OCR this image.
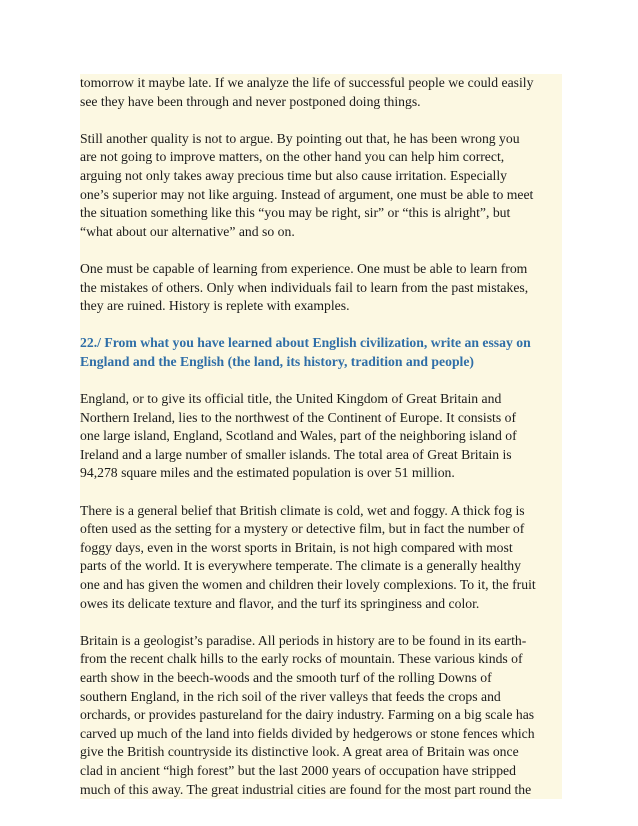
tomorrow it maybe late. If we analyze the life of successful people we could easily
see they have been through and never postponed doing things.

Still another quality is not to argue. By pointing out that, he has been wrong you
are not going to improve matters, on the other hand you can help him correct,
arguing not only takes away precious time but also cause irritation. Especially
one’s superior may not like arguing. Instead of argument, one must be able to meet
the situation something like this “you may be right, sir” or “this is alright”, but
“what about our alternative” and so on.

One must be capable of learning from experience. One must be able to learn from
the mistakes of others. Only when individuals fail to learn from the past mistakes,
they are ruined. History is replete with examples.

22./ From what you have learned about English civilization, write an essay on
England and the English (the land, its history, tradition and people)

England, or to give its official title, the United Kingdom of Great Britain and
Northern Ireland, lies to the northwest of the Continent of Europe. It consists of
one large island, England, Scotland and Wales, part of the neighboring island of
Ireland and a large number of smaller islands. The total area of Great Britain is
94,278 square miles and the estimated population is over 51 million.

There is a general belief that British climate is cold, wet and foggy. A thick fog is
often used as the setting for a mystery or detective film, but in fact the number of
foggy days, even in the worst sports in Britain, is not high compared with most
parts of the world. It is everywhere temperate. The climate is a generally healthy
one and has given the women and children their lovely complexions. To it, the fruit
owes its delicate texture and flavor, and the turf its springiness and color.

Britain is a geologist’s paradise. All periods in history are to be found in its earth-
from the recent chalk hills to the early rocks of mountain. These various kinds of
earth show in the beech-woods and the smooth turf of the rolling Downs of
southern England, in the rich soil of the river valleys that feeds the crops and
orchards, or provides pastureland for the dairy industry. Farming on a big scale has
carved up much of the land into fields divided by hedgerows or stone fences which
give the British countryside its distinctive look. A great area of Britain was once
clad in ancient “high forest” but the last 2000 years of occupation have stripped
much of this away. The great industrial cities are found for the most part round the
